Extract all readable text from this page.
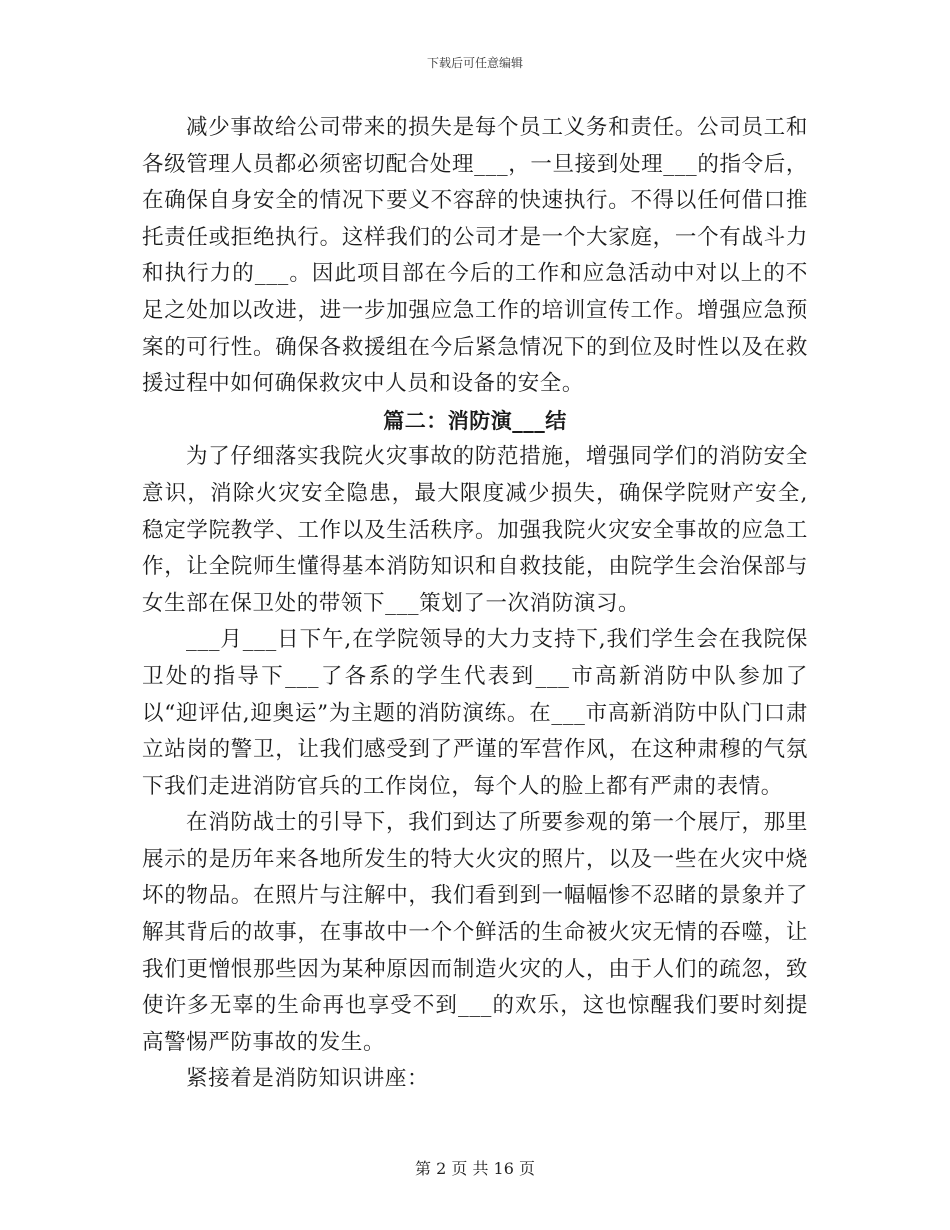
下载后可任意编辑

减少事故给公司带来的损失是每个员工义务和责任。公司员工和各级管理人员都必须密切配合处理___，一旦接到处理___的指令后，在确保自身安全的情况下要义不容辞的快速执行。不得以任何借口推托责任或拒绝执行。这样我们的公司才是一个大家庭，一个有战斗力和执行力的___。因此项目部在今后的工作和应急活动中对以上的不足之处加以改进，进一步加强应急工作的培训宣传工作。增强应急预案的可行性。确保各救援组在今后紧急情况下的到位及时性以及在救援过程中如何确保救灾中人员和设备的安全。

篇二：消防演___结

为了仔细落实我院火灾事故的防范措施，增强同学们的消防安全意识，消除火灾安全隐患，最大限度减少损失，确保学院财产安全,稳定学院教学、工作以及生活秩序。加强我院火灾安全事故的应急工作，让全院师生懂得基本消防知识和自救技能，由院学生会治保部与女生部在保卫处的带领下___策划了一次消防演习。

___月___日下午,在学院领导的大力支持下,我们学生会在我院保卫处的指导下___了各系的学生代表到___市高新消防中队参加了以“迎评估,迎奥运”为主题的消防演练。在___市高新消防中队门口肃立站岗的警卫，让我们感受到了严谨的军营作风，在这种肃穆的气氛下我们走进消防官兵的工作岗位，每个人的脸上都有严肃的表情。

在消防战士的引导下，我们到达了所要参观的第一个展厅，那里展示的是历年来各地所发生的特大火灾的照片，以及一些在火灾中烧坏的物品。在照片与注解中，我们看到到一幅幅惨不忍睹的景象并了解其背后的故事，在事故中一个个鲜活的生命被火灾无情的吞噬，让我们更憎恨那些因为某种原因而制造火灾的人，由于人们的疏忽，致使许多无辜的生命再也享受不到___的欢乐，这也惊醒我们要时刻提高警惕严防事故的发生。

紧接着是消防知识讲座：

第 2 页 共 16 页
